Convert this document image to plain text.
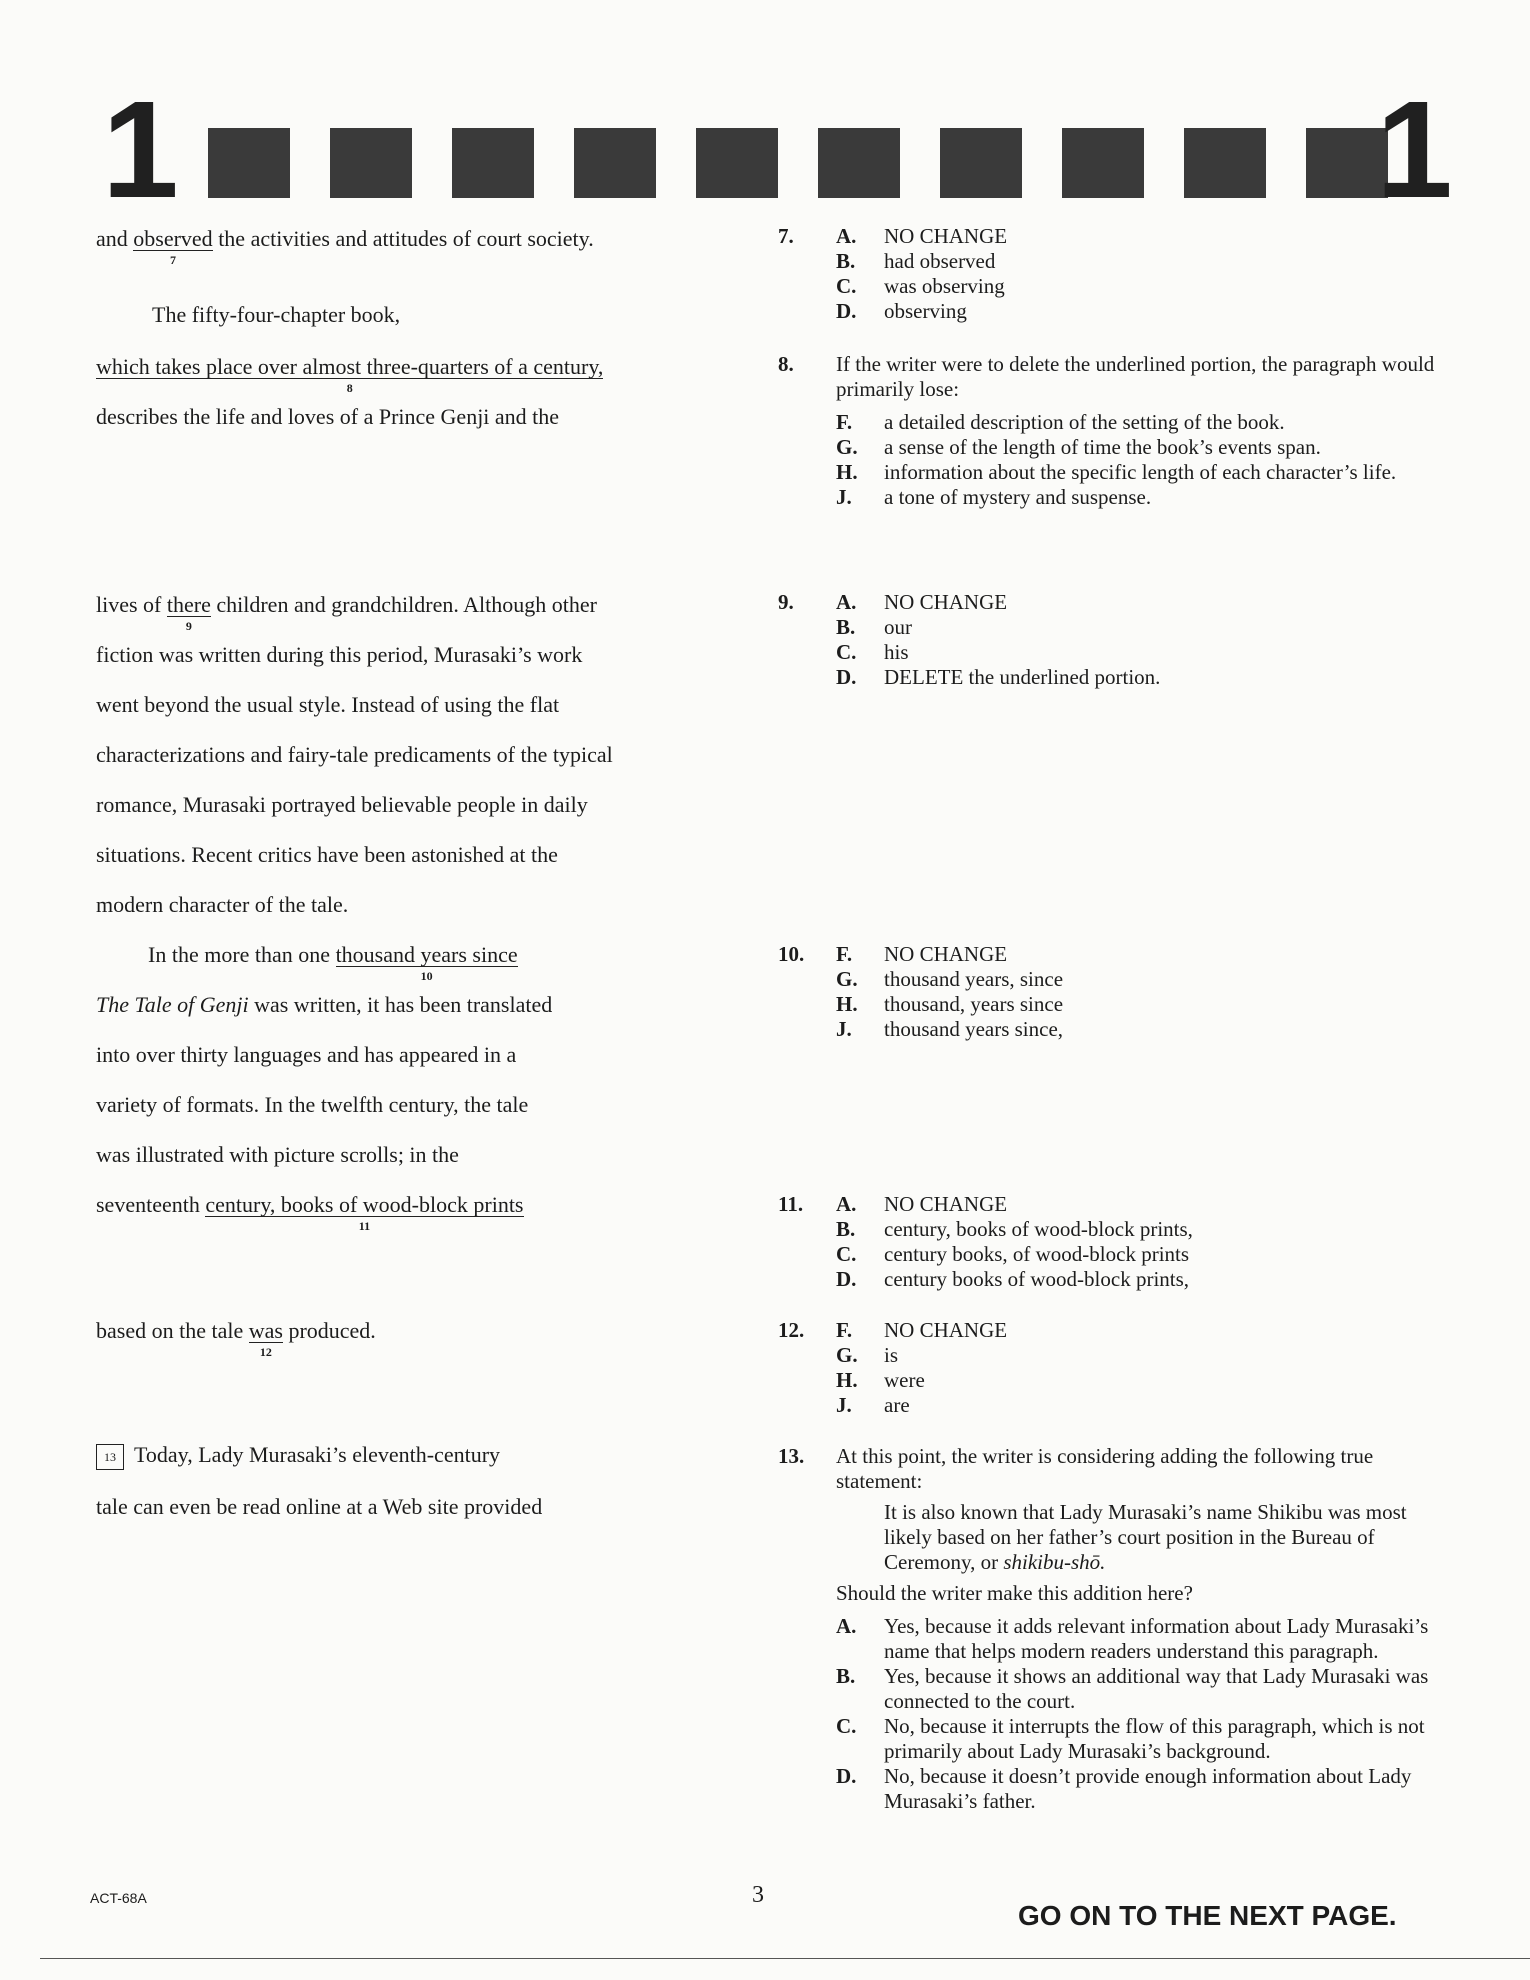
1	1
and observed
7
the activities and attitudes of court society.
The fifty-four-chapter book,
which takes place over almost three-quarters of a century,
8
describes the life and loves of a Prince Genji and the
lives of there
9
children and grandchildren. Although other
fiction was written during this period, Murasaki’s work
went beyond the usual style. Instead of using the flat
characterizations and fairy-tale predicaments of the typical
romance, Murasaki portrayed believable people in daily
situations. Recent critics have been astonished at the
modern character of the tale.
In the more than one thousand years since
10
The Tale of Genji was written, it has been translated
into over thirty languages and has appeared in a
variety of formats. In the twelfth century, the tale
was illustrated with picture scrolls; in the
seventeenth century, books of wood-block prints
11
based on the tale was
12
produced.
13 Today, Lady Murasaki’s eleventh-century
tale can even be read online at a Web site provided
7. A. NO CHANGE
B. had observed
C. was observing
D. observing
8. If the writer were to delete the underlined portion, the paragraph would primarily lose:
F. a detailed description of the setting of the book.
G. a sense of the length of time the book’s events span.
H. information about the specific length of each character’s life.
J. a tone of mystery and suspense.
9. A. NO CHANGE
B. our
C. his
D. DELETE the underlined portion.
10. F. NO CHANGE
G. thousand years, since
H. thousand, years since
J. thousand years since,
11. A. NO CHANGE
B. century, books of wood-block prints,
C. century books, of wood-block prints
D. century books of wood-block prints,
12. F. NO CHANGE
G. is
H. were
J. are
13. At this point, the writer is considering adding the following true statement:
It is also known that Lady Murasaki’s name Shikibu was most likely based on her father’s court position in the Bureau of Ceremony, or shikibu-shō.
Should the writer make this addition here?
A. Yes, because it adds relevant information about Lady Murasaki’s name that helps modern readers understand this paragraph.
B. Yes, because it shows an additional way that Lady Murasaki was connected to the court.
C. No, because it interrupts the flow of this paragraph, which is not primarily about Lady Murasaki’s background.
D. No, because it doesn’t provide enough information about Lady Murasaki’s father.
ACT-68A	3
GO ON TO THE NEXT PAGE.
